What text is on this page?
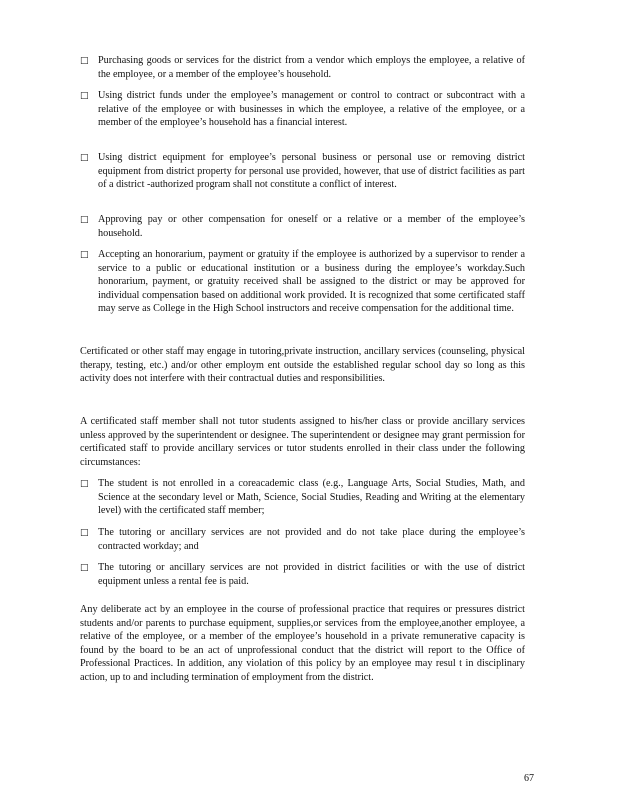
□ Purchasing goods or services for the district from a vendor which employs the employee, a relative of the employee, or a member of the employee’s household.
□ Using district funds under the employee’s management or control to contract or subcontract with a relative of the employee or with businesses in which the employee, a relative of the employee, or a member of the employee’s household has a financial interest.
□ Using district equipment for employee’s personal business or personal use or removing district equipment from district property for personal use provided, however, that use of district facilities as part of a district -authorized program shall not constitute a conflict of interest.
□ Approving pay or other compensation for oneself or a relative or a member of the employee’s household.
□ Accepting an honorarium, payment or gratuity if the employee is authorized by a supervisor to render a service to a public or educational institution or a business during the employee’s workday.Such honorarium, payment, or gratuity received shall be assigned to the district or may be approved for individual compensation based on additional work provided. It is recognized that some certificated staff may serve as College in the High School instructors and receive compensation for the additional time.
Certificated or other staff may engage in tutoring,private instruction, ancillary services (counseling, physical therapy, testing, etc.) and/or other employm ent outside the established regular school day so long as this activity does not interfere with their contractual duties and responsibilities.
A certificated staff member shall not tutor students assigned to his/her class or provide ancillary services unless approved by the superintendent or designee. The superintendent or designee may grant permission for certificated staff to provide ancillary services or tutor students enrolled in their class under the following circumstances:
□ The student is not enrolled in a coreacademic class (e.g., Language Arts, Social Studies, Math, and Science at the secondary level or Math, Science, Social Studies, Reading and Writing at the elementary level) with the certificated staff member;
□ The tutoring or ancillary services are not provided and do not take place during the employee’s contracted workday; and
□ The tutoring or ancillary services are not provided in district facilities or with the use of district equipment unless a rental fee is paid.
Any deliberate act by an employee in the course of professional practice that requires or pressures district students and/or parents to purchase equipment, supplies,or services from the employee,another employee, a relative of the employee, or a member of the employee’s household in a private remunerative capacity is found by the board to be an act of unprofessional conduct that the district will report to the Office of Professional Practices. In addition, any violation of this policy by an employee may resul t in disciplinary action, up to and including termination of employment from the district.
67
